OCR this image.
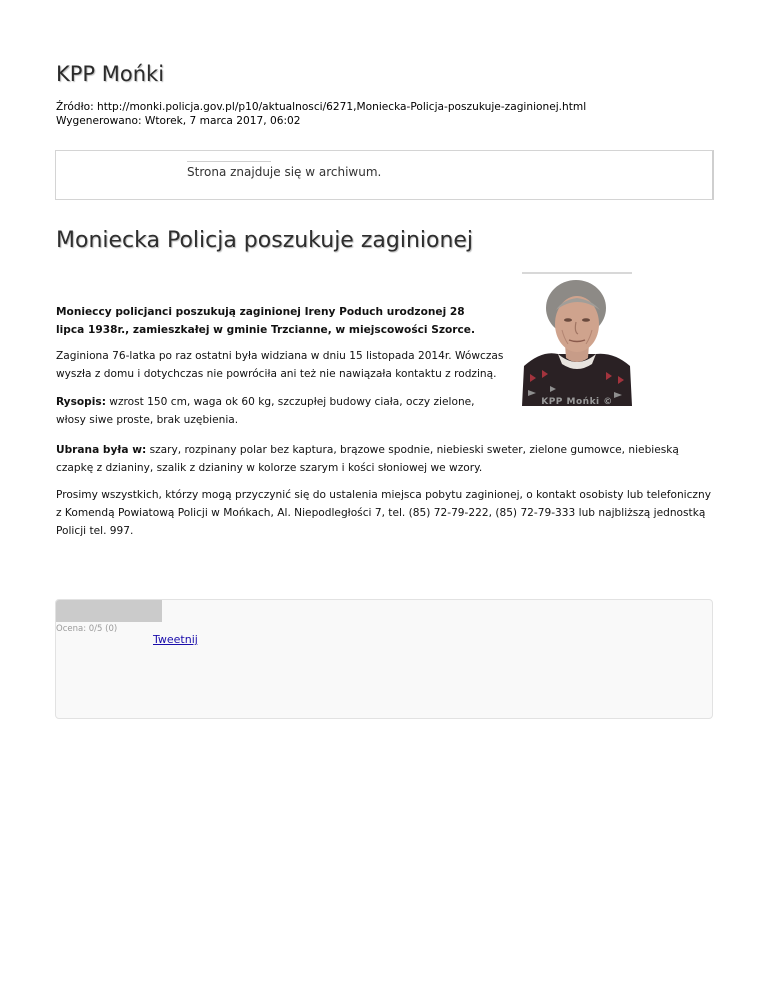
KPP Mońki
Źródło: http://monki.policja.gov.pl/p10/aktualnosci/6271,Moniecka-Policja-poszukuje-zaginionej.html
Wygenerowano: Wtorek, 7 marca 2017, 06:02
Strona znajduje się w archiwum.
Moniecka Policja poszukuje zaginionej
KPP Mońki ©

Monieccy policjanci poszukują zaginionej Ireny Poduch urodzonej 28 lipca 1938r., zamieszkałej w gminie Trzcianne, w miejscowości Szorce.

Zaginiona 76-latka po raz ostatni była widziana w dniu 15 listopada 2014r. Wówczas wyszła z domu i dotychczas nie powróciła ani też nie nawiązała kontaktu z rodziną.

Rysopis: wzrost 150 cm, waga ok 60 kg, szczupłej budowy ciała, oczy zielone, włosy siwe proste, brak uzębienia.

Ubrana była w: szary, rozpinany polar bez kaptura, brązowe spodnie, niebieski sweter, zielone gumowce, niebieską czapkę z dzianiny, szalik z dzianiny w kolorze szarym i kości słoniowej we wzory.

Prosimy wszystkich, którzy mogą przyczynić się do ustalenia miejsca pobytu zaginionej, o kontakt osobisty lub telefoniczny z Komendą Powiatową Policji w Mońkach, Al. Niepodległości 7, tel. (85) 72-79-222, (85) 72-79-333 lub najbliższą jednostką Policji tel. 997.

Ocena: 0/5 (0)
Tweetnij
